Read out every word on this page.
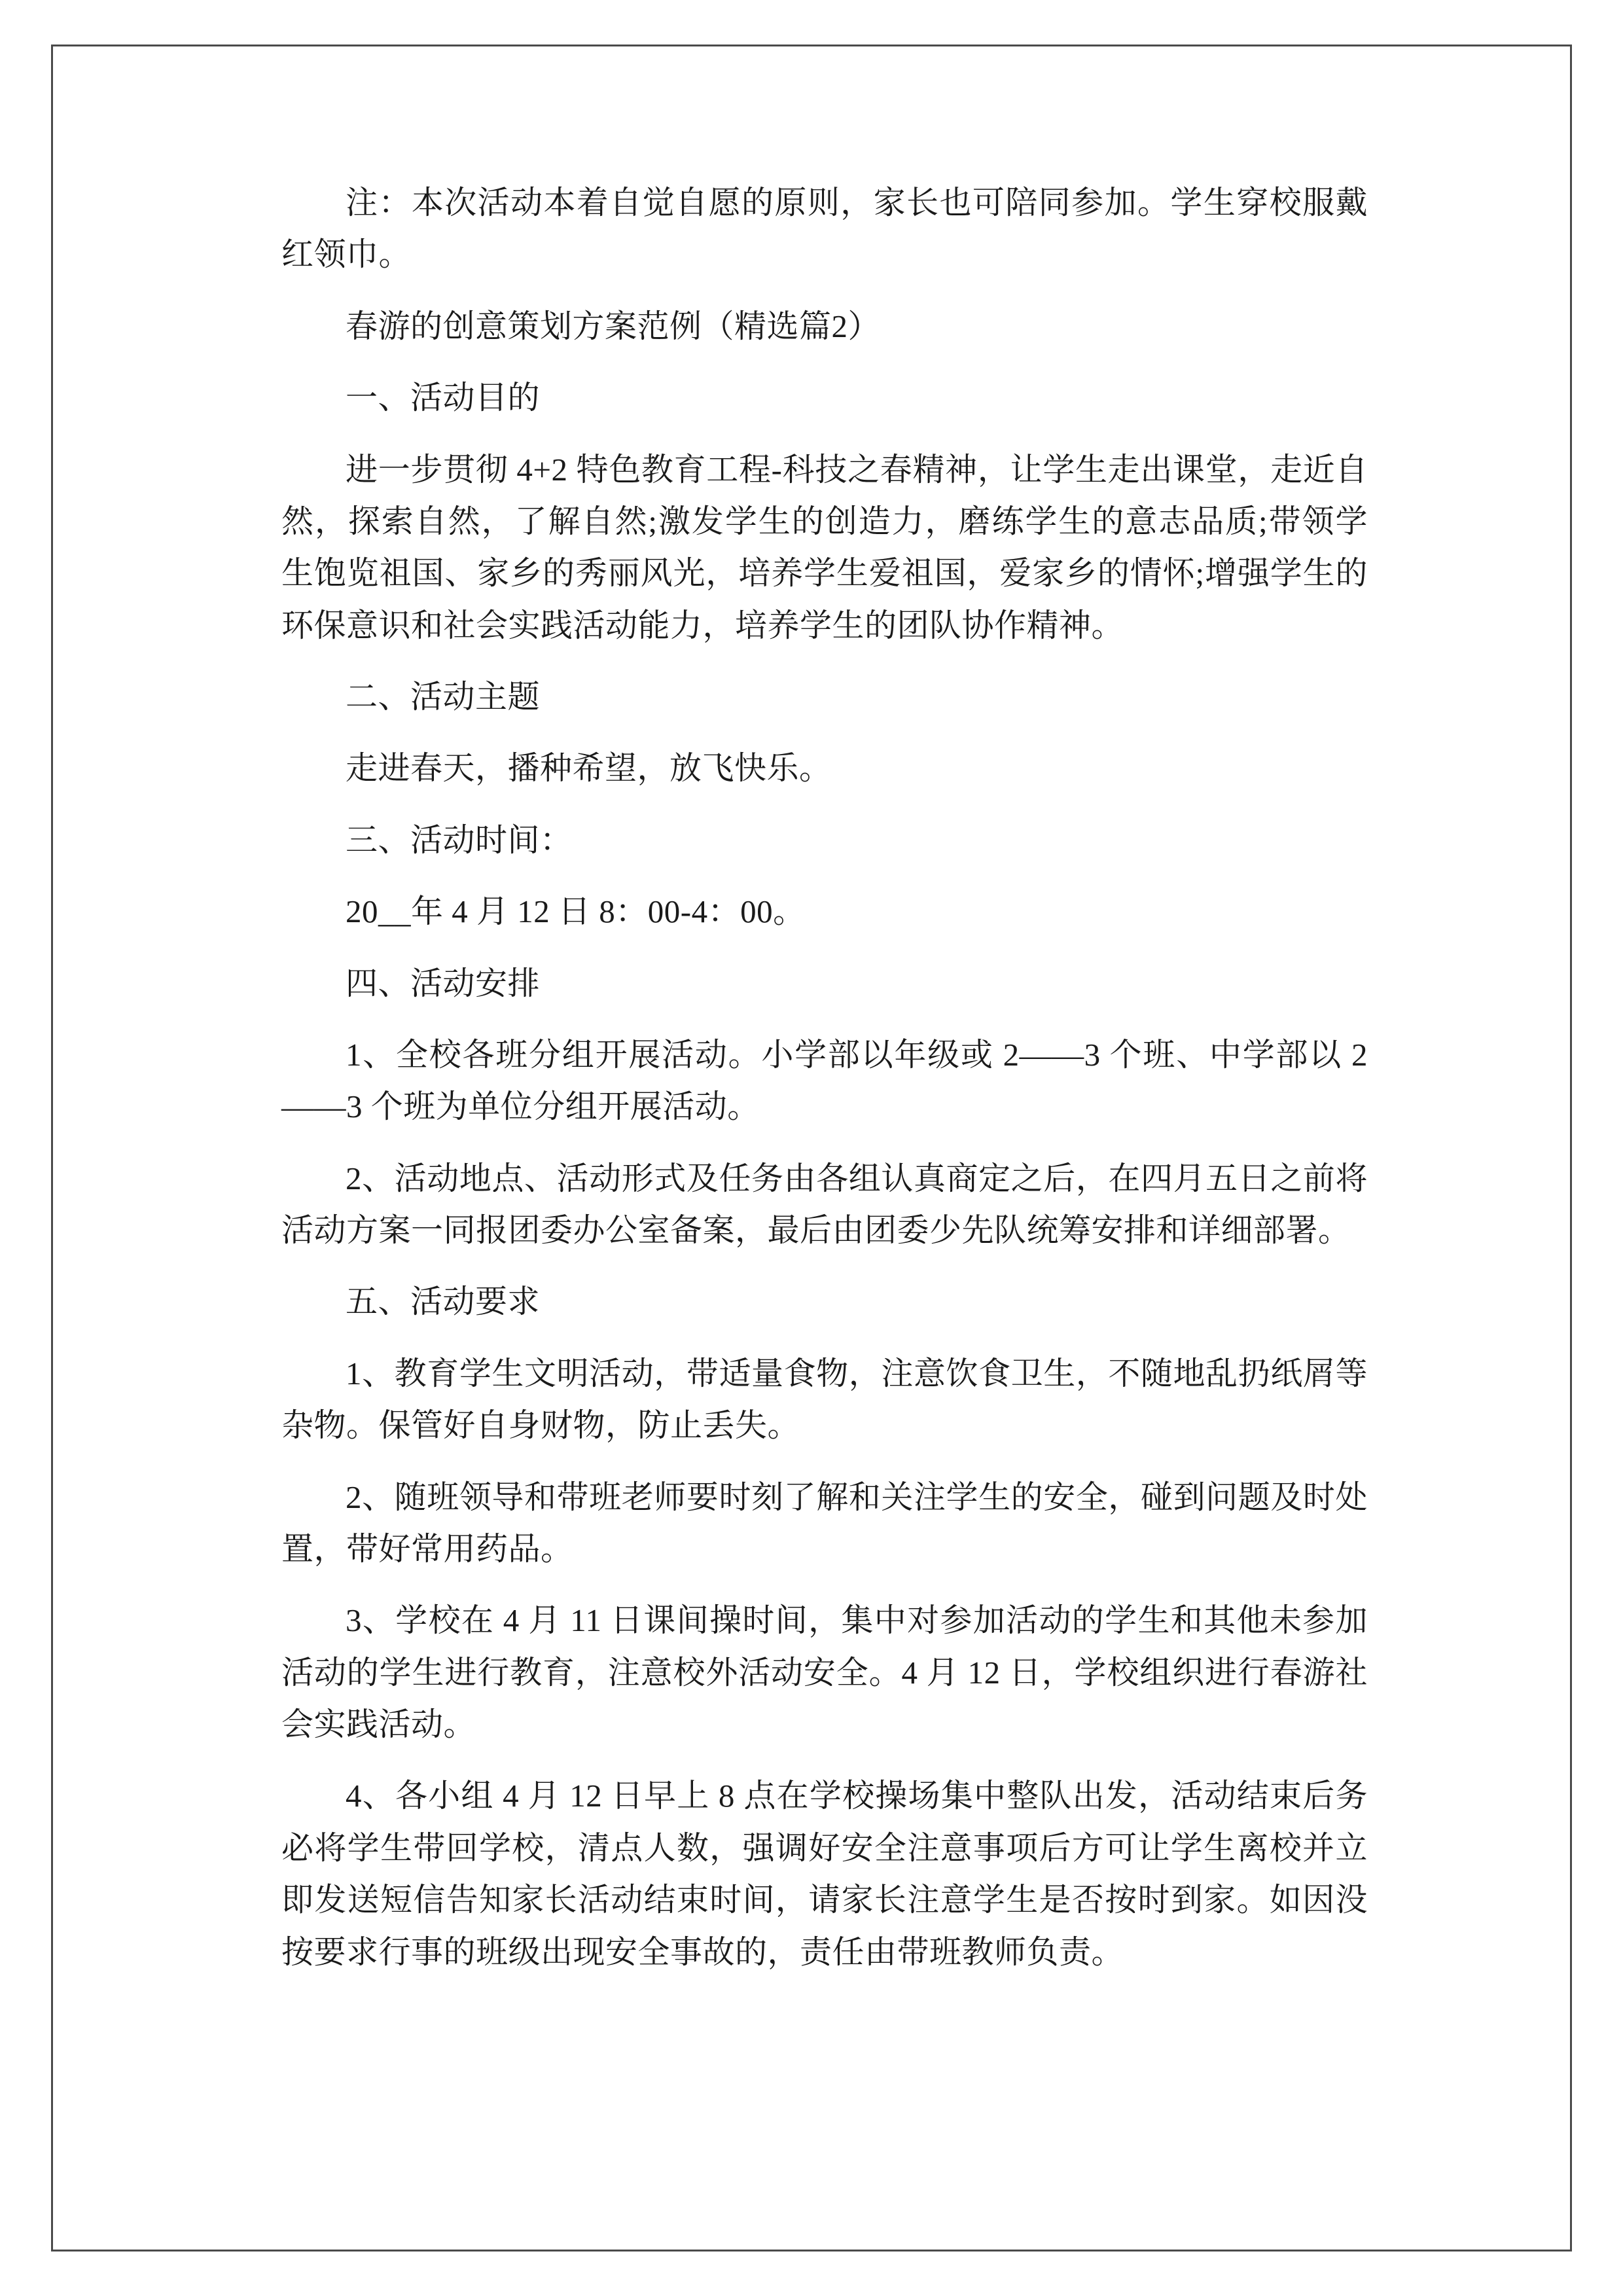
注：本次活动本着自觉自愿的原则，家长也可陪同参加。学生穿校服戴红领巾。

春游的创意策划方案范例（精选篇2）

一、活动目的

进一步贯彻 4+2 特色教育工程-科技之春精神，让学生走出课堂，走近自然，探索自然，了解自然;激发学生的创造力，磨练学生的意志品质;带领学生饱览祖国、家乡的秀丽风光，培养学生爱祖国，爱家乡的情怀;增强学生的环保意识和社会实践活动能力，培养学生的团队协作精神。

二、活动主题

走进春天，播种希望，放飞快乐。

三、活动时间：

20__年 4 月 12 日 8：00-4：00。

四、活动安排

1、全校各班分组开展活动。小学部以年级或 2——3 个班、中学部以 2——3 个班为单位分组开展活动。

2、活动地点、活动形式及任务由各组认真商定之后，在四月五日之前将活动方案一同报团委办公室备案，最后由团委少先队统筹安排和详细部署。

五、活动要求

1、教育学生文明活动，带适量食物，注意饮食卫生，不随地乱扔纸屑等杂物。保管好自身财物，防止丢失。

2、随班领导和带班老师要时刻了解和关注学生的安全，碰到问题及时处置，带好常用药品。

3、学校在 4 月 11 日课间操时间，集中对参加活动的学生和其他未参加活动的学生进行教育，注意校外活动安全。4 月 12 日，学校组织进行春游社会实践活动。

4、各小组 4 月 12 日早上 8 点在学校操场集中整队出发，活动结束后务必将学生带回学校，清点人数，强调好安全注意事项后方可让学生离校并立即发送短信告知家长活动结束时间，请家长注意学生是否按时到家。如因没按要求行事的班级出现安全事故的，责任由带班教师负责。
